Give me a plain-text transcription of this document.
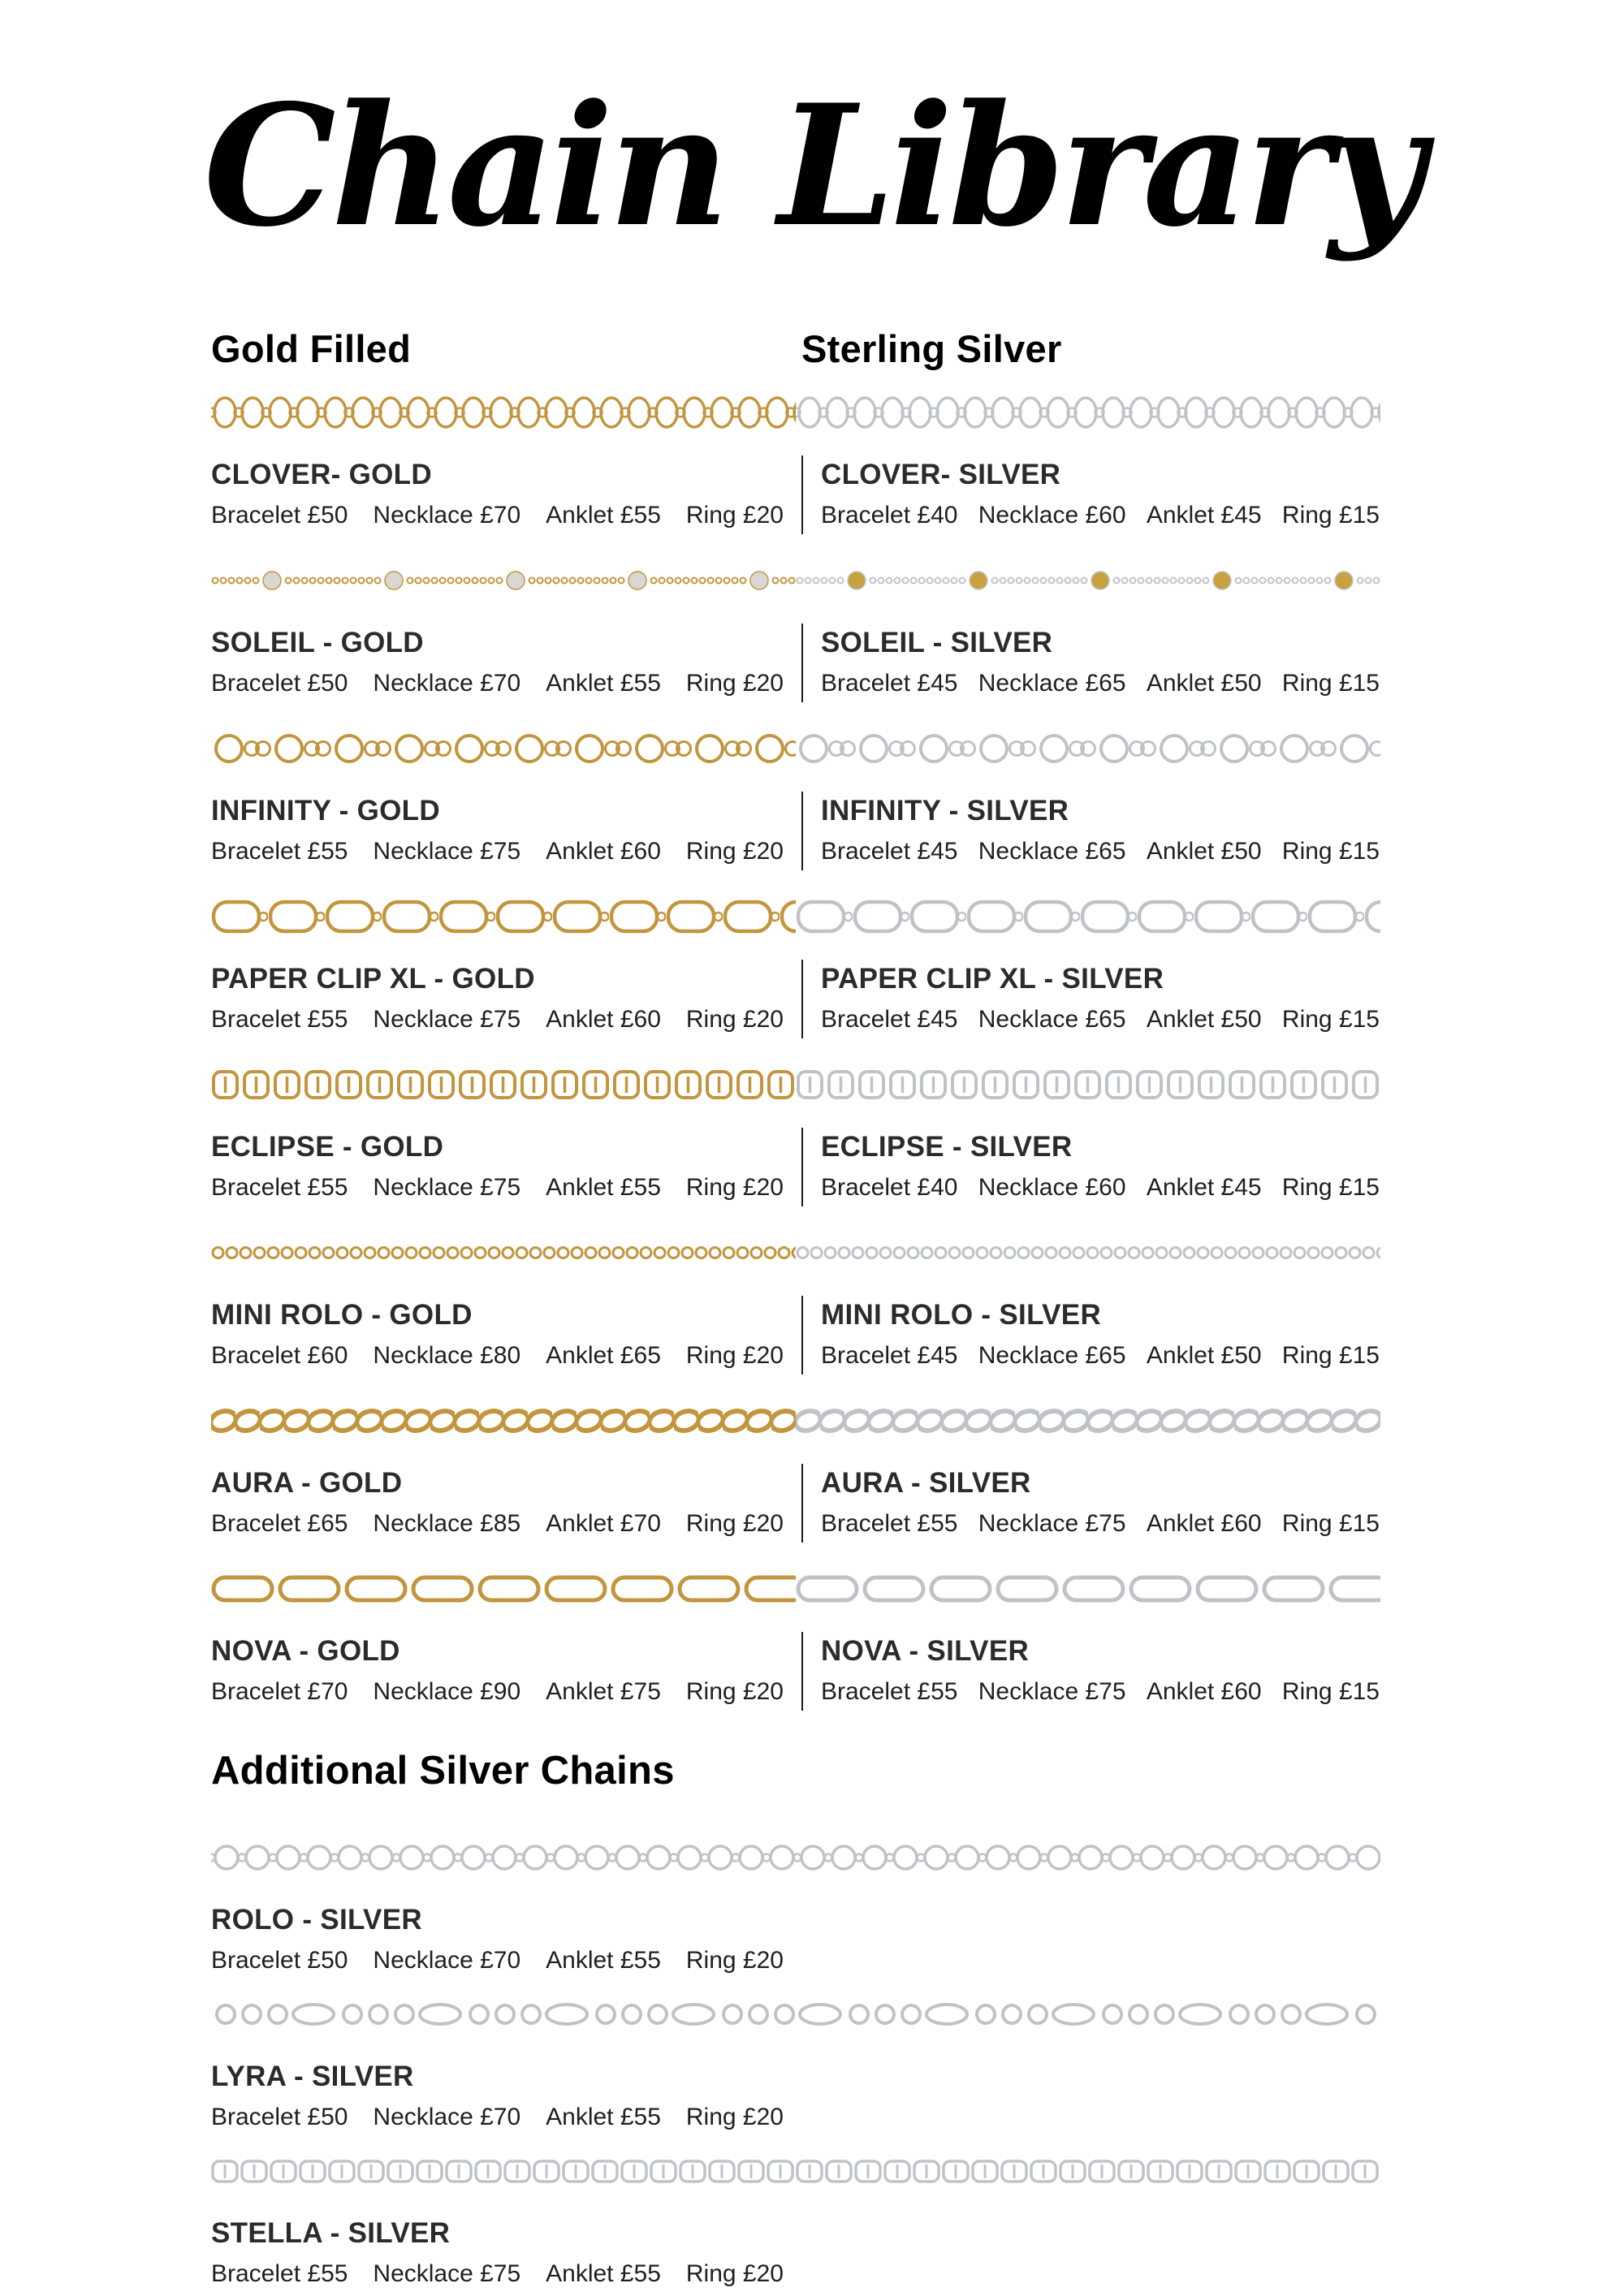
Chain Library
Gold Filled	Sterling Silver
CLOVER- GOLD
Bracelet £50 Necklace £70 Anklet £55 Ring £20
CLOVER- SILVER
Bracelet £40 Necklace £60 Anklet £45 Ring £15
SOLEIL - GOLD
Bracelet £50 Necklace £70 Anklet £55 Ring £20
SOLEIL - SILVER
Bracelet £45 Necklace £65 Anklet £50 Ring £15
INFINITY - GOLD
Bracelet £55 Necklace £75 Anklet £60 Ring £20
INFINITY - SILVER
Bracelet £45 Necklace £65 Anklet £50 Ring £15
PAPER CLIP XL - GOLD
Bracelet £55 Necklace £75 Anklet £60 Ring £20
PAPER CLIP XL - SILVER
Bracelet £45 Necklace £65 Anklet £50 Ring £15
ECLIPSE - GOLD
Bracelet £55 Necklace £75 Anklet £55 Ring £20
ECLIPSE - SILVER
Bracelet £40 Necklace £60 Anklet £45 Ring £15
MINI ROLO - GOLD
Bracelet £60 Necklace £80 Anklet £65 Ring £20
MINI ROLO - SILVER
Bracelet £45 Necklace £65 Anklet £50 Ring £15
AURA - GOLD
Bracelet £65 Necklace £85 Anklet £70 Ring £20
AURA - SILVER
Bracelet £55 Necklace £75 Anklet £60 Ring £15
NOVA - GOLD
Bracelet £70 Necklace £90 Anklet £75 Ring £20
NOVA - SILVER
Bracelet £55 Necklace £75 Anklet £60 Ring £15
Additional Silver Chains
ROLO - SILVER
Bracelet £50 Necklace £70 Anklet £55 Ring £20
LYRA - SILVER
Bracelet £50 Necklace £70 Anklet £55 Ring £20
STELLA - SILVER
Bracelet £55 Necklace £75 Anklet £55 Ring £20
